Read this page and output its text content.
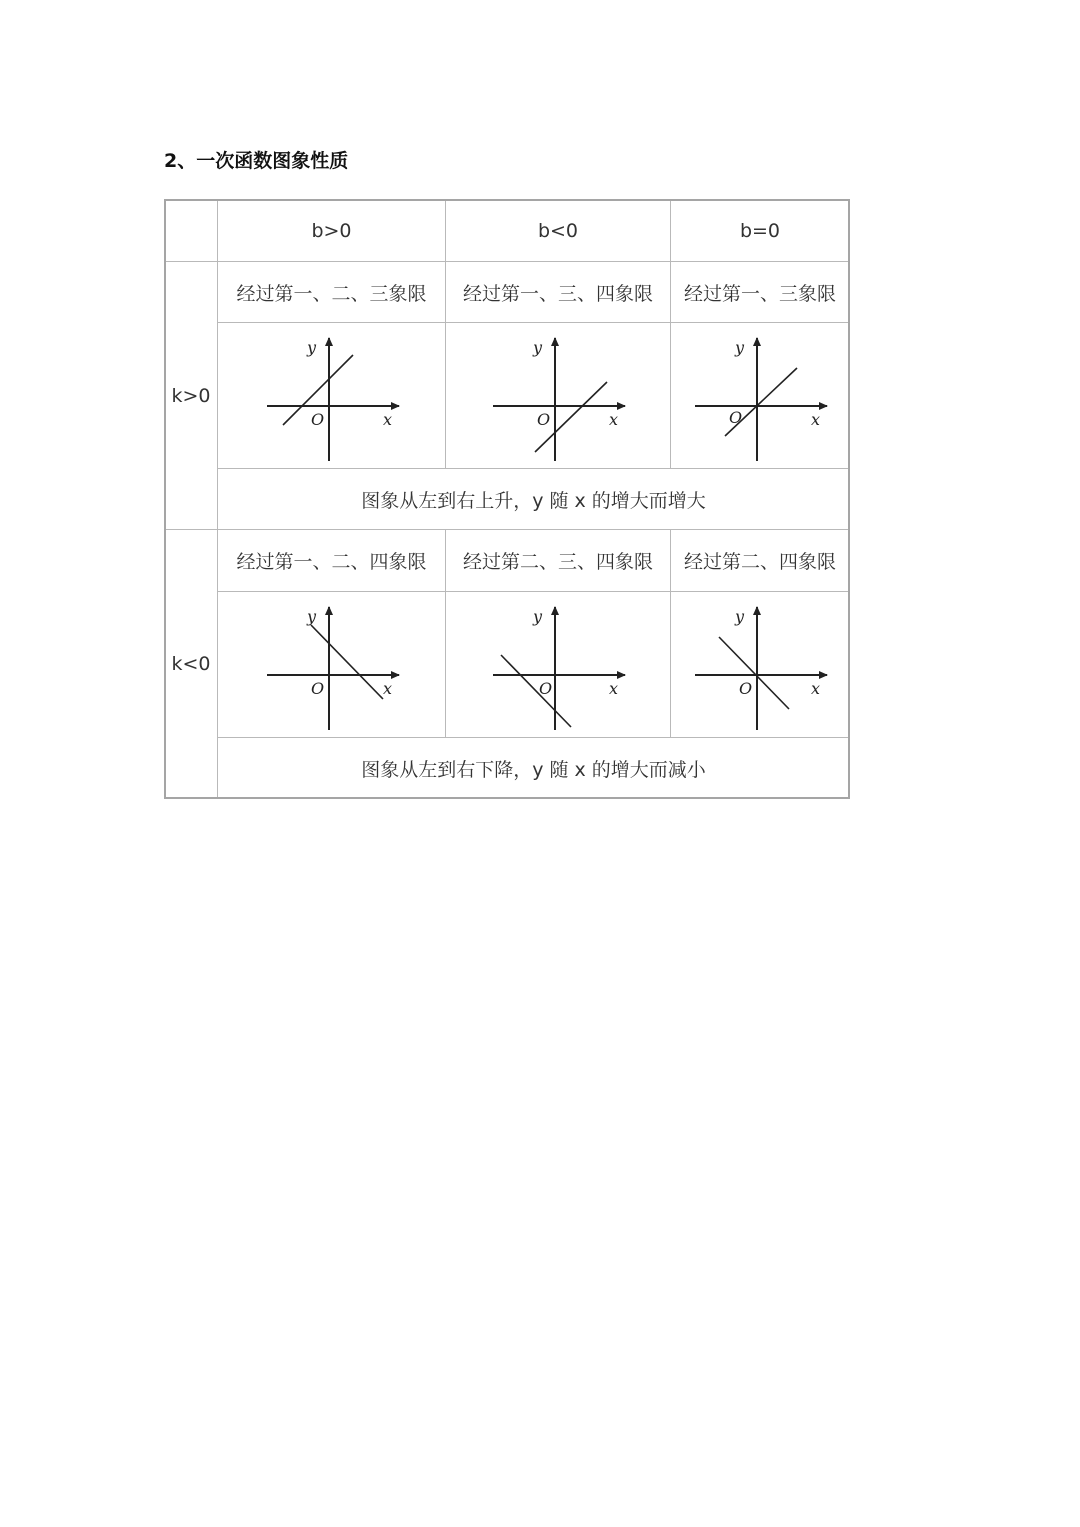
2、一次函数图象性质
b>0	b<0	b=0
k>0
经过第一、二、三象限	经过第一、三、四象限	经过第一、三象限
y
O	x
y
O	x
y
O	x
图象从左到右上升，y 随 x 的增大而增大
k<0
经过第一、二、四象限	经过第二、三、四象限	经过第二、四象限
y
O	x
y
O	x
y
O	x
图象从左到右下降，y 随 x 的增大而减小
